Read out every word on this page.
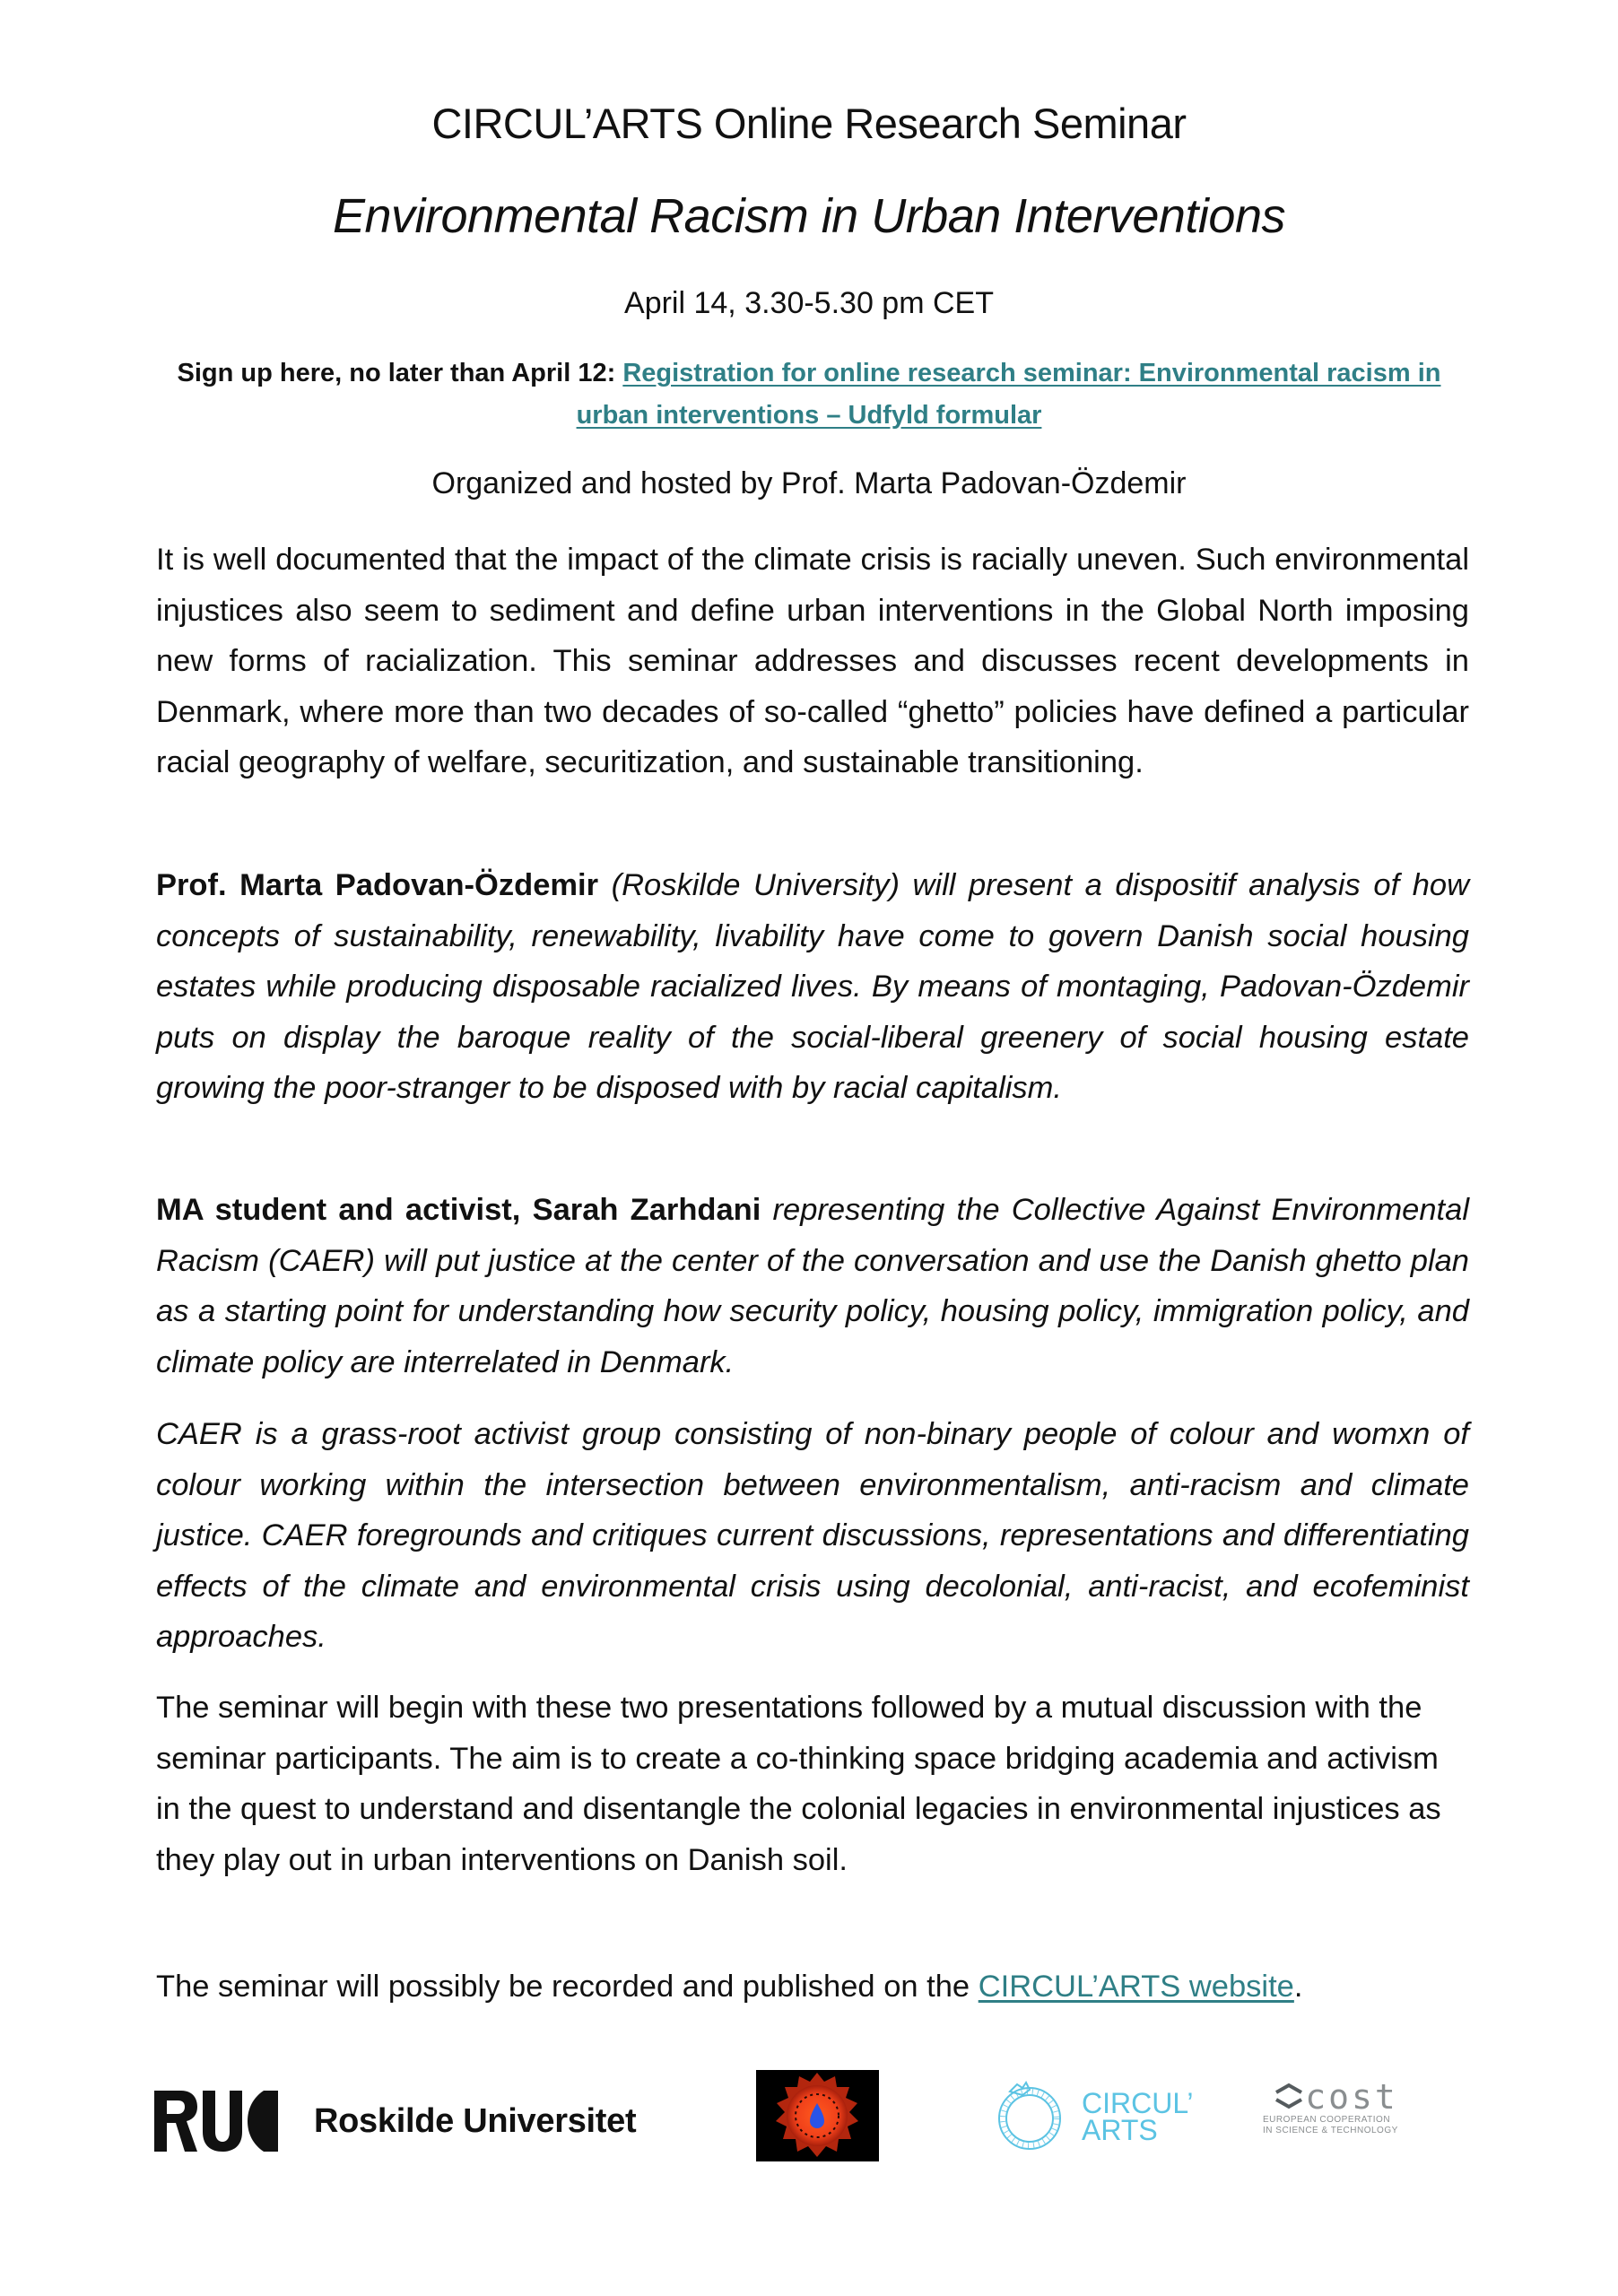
CIRCUL’ARTS Online Research Seminar
Environmental Racism in Urban Interventions
April 14, 3.30-5.30 pm CET
Sign up here, no later than April 12: Registration for online research seminar: Environmental racism in urban interventions – Udfyld formular
Organized and hosted by Prof. Marta Padovan-Özdemir

It is well documented that the impact of the climate crisis is racially uneven. Such environmental injustices also seem to sediment and define urban interventions in the Global North imposing new forms of racialization. This seminar addresses and discusses recent developments in Denmark, where more than two decades of so-called “ghetto” policies have defined a particular racial geography of welfare, securitization, and sustainable transitioning.

Prof. Marta Padovan-Özdemir (Roskilde University) will present a dispositif analysis of how concepts of sustainability, renewability, livability have come to govern Danish social housing estates while producing disposable racialized lives. By means of montaging, Padovan-Özdemir puts on display the baroque reality of the social-liberal greenery of social housing estate growing the poor-stranger to be disposed with by racial capitalism.

MA student and activist, Sarah Zarhdani representing the Collective Against Environmental Racism (CAER) will put justice at the center of the conversation and use the Danish ghetto plan as a starting point for understanding how security policy, housing policy, immigration policy, and climate policy are interrelated in Denmark.

CAER is a grass-root activist group consisting of non-binary people of colour and womxn of colour working within the intersection between environmentalism, anti-racism and climate justice. CAER foregrounds and critiques current discussions, representations and differentiating effects of the climate and environmental crisis using decolonial, anti-racist, and ecofeminist approaches.

The seminar will begin with these two presentations followed by a mutual discussion with the seminar participants. The aim is to create a co-thinking space bridging academia and activism in the quest to understand and disentangle the colonial legacies in environmental injustices as they play out in urban interventions on Danish soil.

The seminar will possibly be recorded and published on the CIRCUL’ARTS website.

Roskilde Universitet	CIRCUL’
ARTS
cost
EUROPEAN COOPERATION
IN SCIENCE & TECHNOLOGY
